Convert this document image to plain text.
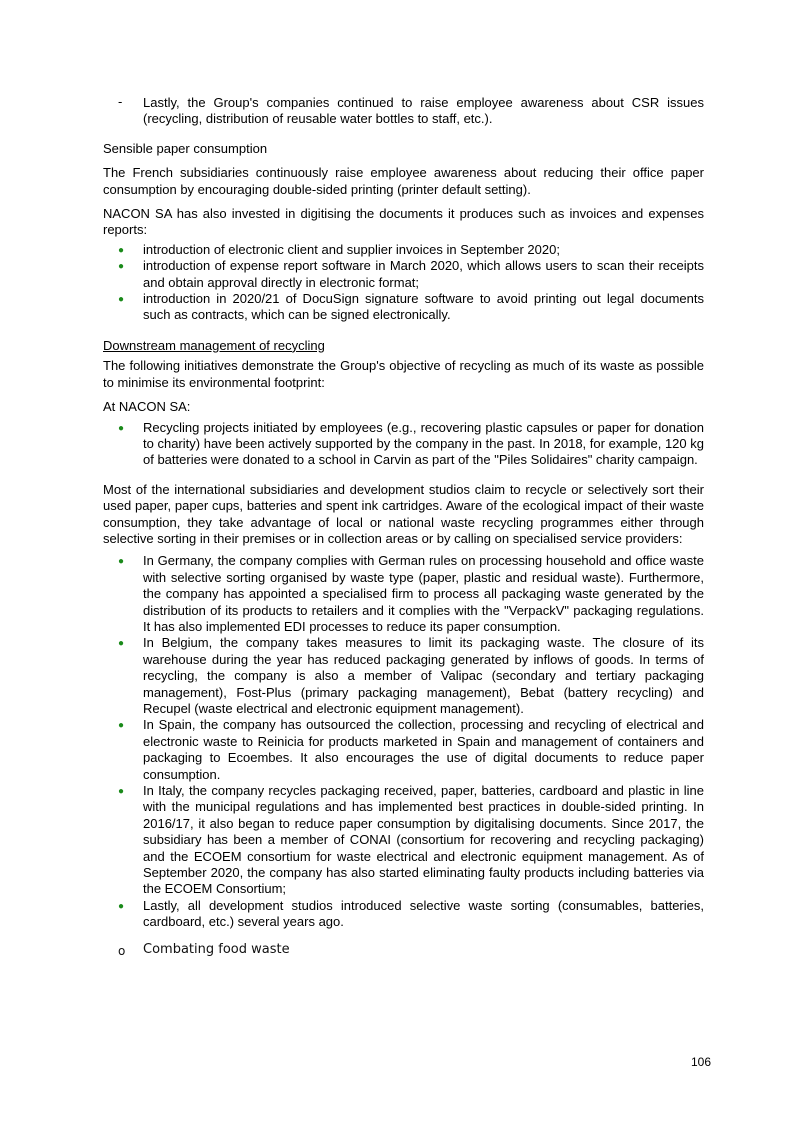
- Lastly, the Group's companies continued to raise employee awareness about CSR issues (recycling, distribution of reusable water bottles to staff, etc.).

Sensible paper consumption

The French subsidiaries continuously raise employee awareness about reducing their office paper consumption by encouraging double-sided printing (printer default setting).

NACON SA has also invested in digitising the documents it produces such as invoices and expenses reports:

● introduction of electronic client and supplier invoices in September 2020;
● introduction of expense report software in March 2020, which allows users to scan their receipts and obtain approval directly in electronic format;
● introduction in 2020/21 of DocuSign signature software to avoid printing out legal documents such as contracts, which can be signed electronically.

Downstream management of recycling

The following initiatives demonstrate the Group's objective of recycling as much of its waste as possible to minimise its environmental footprint:

At NACON SA:

● Recycling projects initiated by employees (e.g., recovering plastic capsules or paper for donation to charity) have been actively supported by the company in the past. In 2018, for example, 120 kg of batteries were donated to a school in Carvin as part of the "Piles Solidaires" charity campaign.

Most of the international subsidiaries and development studios claim to recycle or selectively sort their used paper, paper cups, batteries and spent ink cartridges. Aware of the ecological impact of their waste consumption, they take advantage of local or national waste recycling programmes either through selective sorting in their premises or in collection areas or by calling on specialised service providers:

● In Germany, the company complies with German rules on processing household and office waste with selective sorting organised by waste type (paper, plastic and residual waste). Furthermore, the company has appointed a specialised firm to process all packaging waste generated by the distribution of its products to retailers and it complies with the "VerpackV" packaging regulations. It has also implemented EDI processes to reduce its paper consumption.
● In Belgium, the company takes measures to limit its packaging waste. The closure of its warehouse during the year has reduced packaging generated by inflows of goods. In terms of recycling, the company is also a member of Valipac (secondary and tertiary packaging management), Fost-Plus (primary packaging management), Bebat (battery recycling) and Recupel (waste electrical and electronic equipment management).
● In Spain, the company has outsourced the collection, processing and recycling of electrical and electronic waste to Reinicia for products marketed in Spain and management of containers and packaging to Ecoembes. It also encourages the use of digital documents to reduce paper consumption.
● In Italy, the company recycles packaging received, paper, batteries, cardboard and plastic in line with the municipal regulations and has implemented best practices in double-sided printing. In 2016/17, it also began to reduce paper consumption by digitalising documents. Since 2017, the subsidiary has been a member of CONAI (consortium for recovering and recycling packaging) and the ECOEM consortium for waste electrical and electronic equipment management. As of September 2020, the company has also started eliminating faulty products including batteries via the ECOEM Consortium;
● Lastly, all development studios introduced selective waste sorting (consumables, batteries, cardboard, etc.) several years ago.
o Combating food waste
106
